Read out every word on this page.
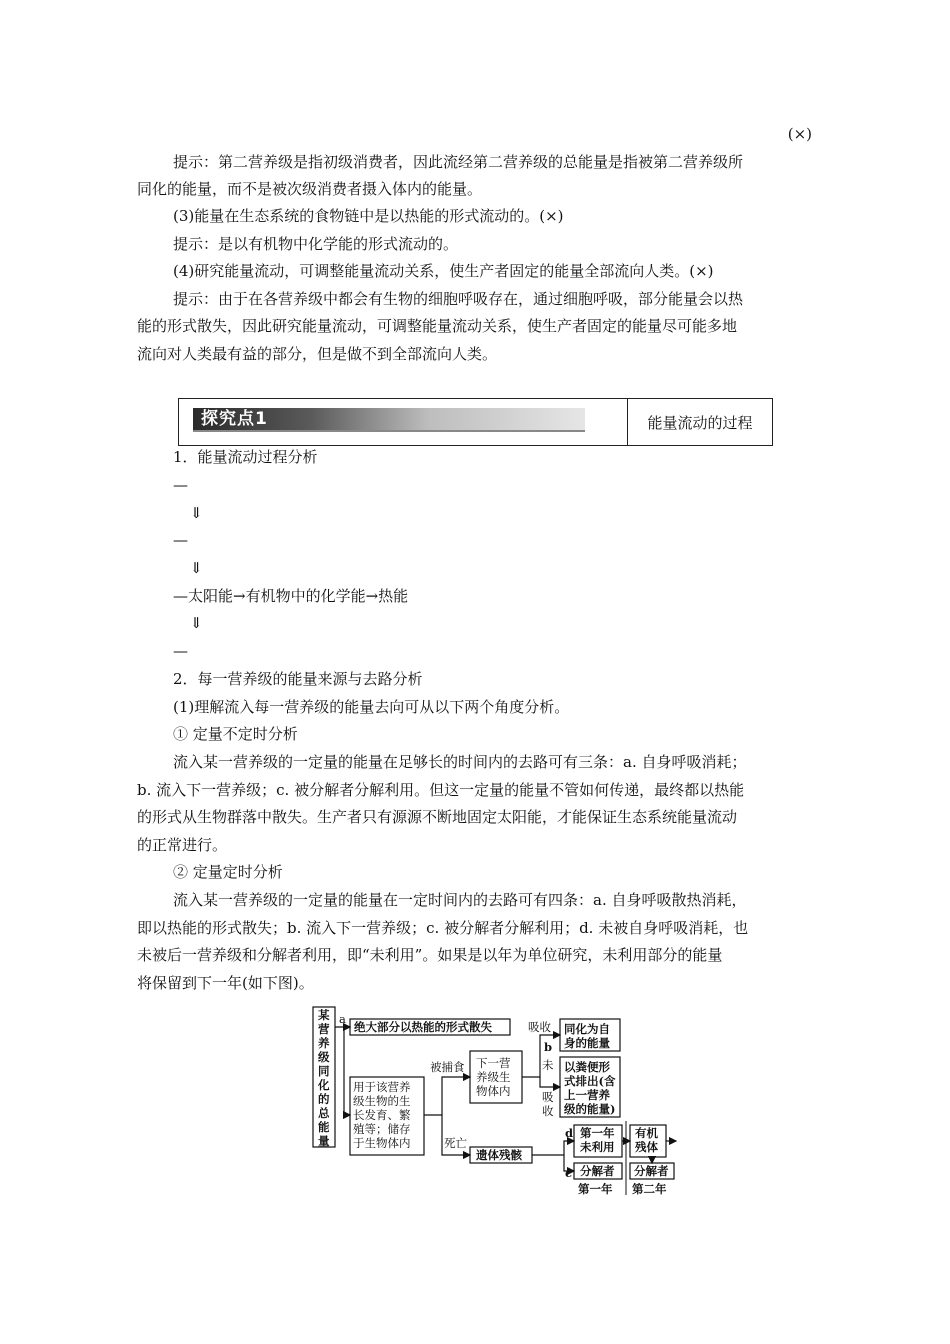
(×)
提示：第二营养级是指初级消费者，因此流经第二营养级的总能量是指被第二营养级所
同化的能量，而不是被次级消费者摄入体内的能量。
(3)能量在生态系统的食物链中是以热能的形式流动的。(×)
提示：是以有机物中化学能的形式流动的。
(4)研究能量流动，可调整能量流动关系，使生产者固定的能量全部流向人类。(×)
提示：由于在各营养级中都会有生物的细胞呼吸存在，通过细胞呼吸，部分能量会以热
能的形式散失，因此研究能量流动，可调整能量流动关系，使生产者固定的能量尽可能多地
流向对人类最有益的部分，但是做不到全部流向人类。
探究点1	能量流动的过程
1．能量流动过程分析
—
⇓
—
⇓
—太阳能→有机物中的化学能→热能
⇓
—
2．每一营养级的能量来源与去路分析
(1)理解流入每一营养级的能量去向可从以下两个角度分析。
① 定量不定时分析
流入某一营养级的一定量的能量在足够长的时间内的去路可有三条：a. 自身呼吸消耗；
b. 流入下一营养级；c. 被分解者分解利用。但这一定量的能量不管如何传递，最终都以热能
的形式从生物群落中散失。生产者只有源源不断地固定太阳能，才能保证生态系统能量流动
的正常进行。
② 定量定时分析
流入某一营养级的一定量的能量在一定时间内的去路可有四条：a. 自身呼吸散热消耗，
即以热能的形式散失；b. 流入下一营养级；c. 被分解者分解利用；d. 未被自身呼吸消耗，也
未被后一营养级和分解者利用，即“未利用”。如果是以年为单位研究，未利用部分的能量
将保留到下一年(如下图)。
某
营
养
级
同
化
的
总
能
量
a
绝大部分以热能的形式散失
用于该营养
级生物的生
长发育、繁
殖等；储存
于生物体内
被捕食 下一营
养级生
物体内
吸收
b
未
吸
收
同化为自
身的能量
以粪便形
式排出(含
上一营养
级的能量)
死亡
遗体残骸
d
c
第一年
未利用
分解者
有机
残体
分解者
第一年 第二年
